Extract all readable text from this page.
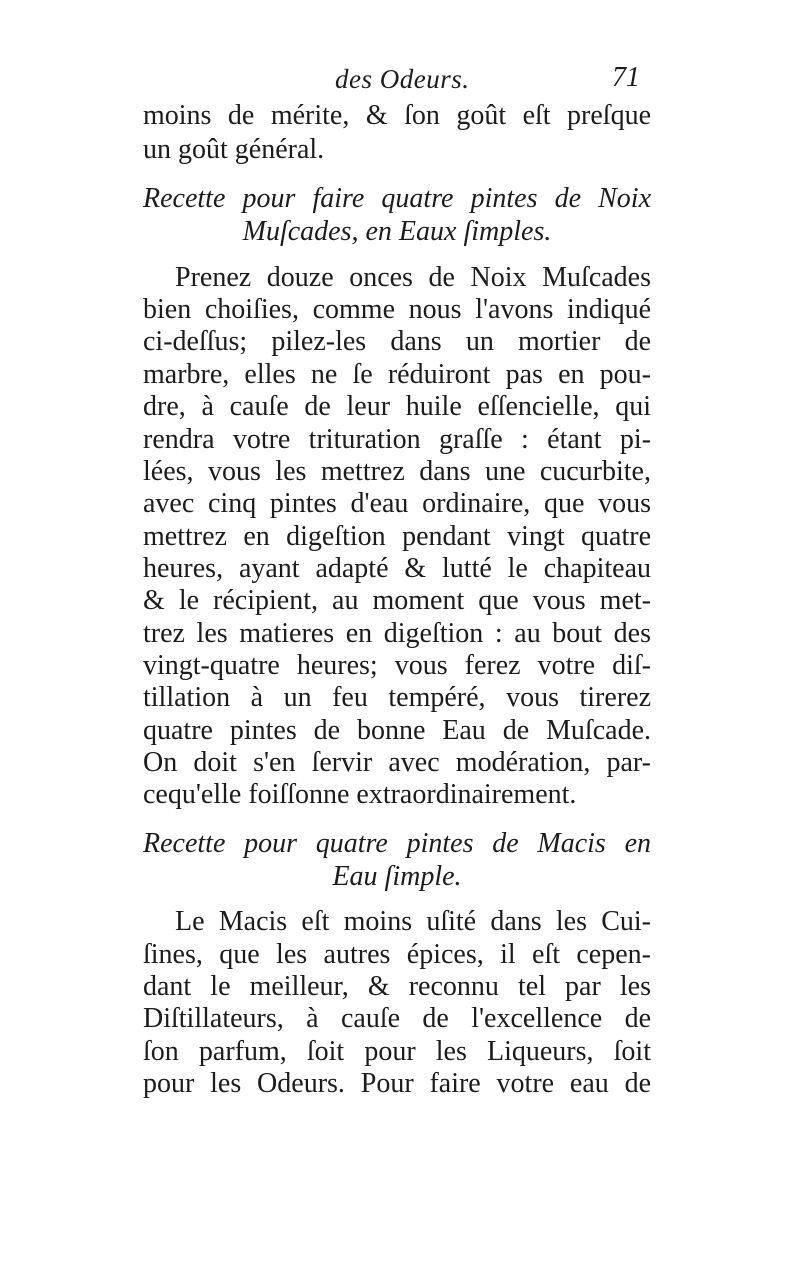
des Odeurs.	71
moins de mérite, & ſon goût eſt preſque
un goût général.
Recette pour faire quatre pintes de Noix
Muſcades, en Eaux ſimples.
Prenez douze onces de Noix Muſcades
bien choiſies, comme nous l'avons indiqué
ci-deſſus; pilez-les dans un mortier de
marbre, elles ne ſe réduiront pas en pou-
dre, à cauſe de leur huile eſſencielle, qui
rendra votre trituration graſſe : étant pi-
lées, vous les mettrez dans une cucurbite,
avec cinq pintes d'eau ordinaire, que vous
mettrez en digeſtion pendant vingt quatre
heures, ayant adapté & lutté le chapiteau
& le récipient, au moment que vous met-
trez les matieres en digeſtion : au bout des
vingt-quatre heures; vous ferez votre diſ-
tillation à un feu tempéré, vous tirerez
quatre pintes de bonne Eau de Muſcade.
On doit s'en ſervir avec modération, par-
cequ'elle foiſſonne extraordinairement.
Recette pour quatre pintes de Macis en
Eau ſimple.
Le Macis eſt moins uſité dans les Cui-
ſines, que les autres épices, il eſt cepen-
dant le meilleur, & reconnu tel par les
Diſtillateurs, à cauſe de l'excellence de
ſon parfum, ſoit pour les Liqueurs, ſoit
pour les Odeurs. Pour faire votre eau de
